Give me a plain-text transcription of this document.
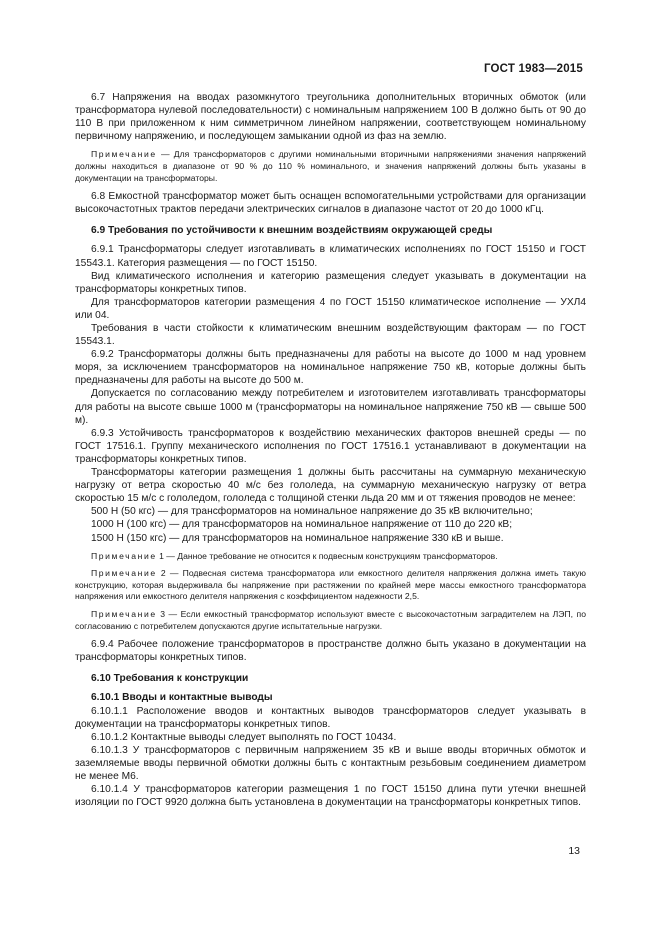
ГОСТ 1983—2015

6.7 Напряжения на вводах разомкнутого треугольника дополнительных вторичных обмоток (или трансформатора нулевой последовательности) с номинальным напряжением 100 В должно быть от 90 до 110 В при приложенном к ним симметричном линейном напряжении, соответствующем номинальному первичному напряжению, и последующем замыкании одной из фаз на землю.

Примечание — Для трансформаторов с другими номинальными вторичными напряжениями значения напряжений должны находиться в диапазоне от 90 % до 110 % номинального, и значения напряжений должны быть указаны в документации на трансформаторы.

6.8 Емкостной трансформатор может быть оснащен вспомогательными устройствами для организации высокочастотных трактов передачи электрических сигналов в диапазоне частот от 20 до 1000 кГц.

6.9 Требования по устойчивости к внешним воздействиям окружающей среды

6.9.1 Трансформаторы следует изготавливать в климатических исполнениях по ГОСТ 15150 и ГОСТ 15543.1. Категория размещения — по ГОСТ 15150.

Вид климатического исполнения и категорию размещения следует указывать в документации на трансформаторы конкретных типов.

Для трансформаторов категории размещения 4 по ГОСТ 15150 климатическое исполнение — УХЛ4 или 04.

Требования в части стойкости к климатическим внешним воздействующим факторам — по ГОСТ 15543.1.

6.9.2 Трансформаторы должны быть предназначены для работы на высоте до 1000 м над уровнем моря, за исключением трансформаторов на номинальное напряжение 750 кВ, которые должны быть предназначены для работы на высоте до 500 м.

Допускается по согласованию между потребителем и изготовителем изготавливать трансформаторы для работы на высоте свыше 1000 м (трансформаторы на номинальное напряжение 750 кВ — свыше 500 м).

6.9.3 Устойчивость трансформаторов к воздействию механических факторов внешней среды — по ГОСТ 17516.1. Группу механического исполнения по ГОСТ 17516.1 устанавливают в документации на трансформаторы конкретных типов.

Трансформаторы категории размещения 1 должны быть рассчитаны на суммарную механическую нагрузку от ветра скоростью 40 м/с без гололеда, на суммарную механическую нагрузку от ветра скоростью 15 м/с с гололедом, гололеда с толщиной стенки льда 20 мм и от тяжения проводов не менее:

500 Н (50 кгс) — для трансформаторов на номинальное напряжение до 35 кВ включительно;

1000 Н (100 кгс) — для трансформаторов на номинальное напряжение от 110 до 220 кВ;

1500 Н (150 кгс) — для трансформаторов на номинальное напряжение 330 кВ и выше.

Примечание 1 — Данное требование не относится к подвесным конструкциям трансформаторов.

Примечание 2 — Подвесная система трансформатора или емкостного делителя напряжения должна иметь такую конструкцию, которая выдерживала бы напряжение при растяжении по крайней мере массы емкостного трансформатора напряжения или емкостного делителя напряжения с коэффициентом надежности 2,5.

Примечание 3 — Если емкостный трансформатор используют вместе с высокочастотным заградителем на ЛЭП, по согласованию с потребителем допускаются другие испытательные нагрузки.

6.9.4 Рабочее положение трансформаторов в пространстве должно быть указано в документации на трансформаторы конкретных типов.

6.10 Требования к конструкции

6.10.1 Вводы и контактные выводы

6.10.1.1 Расположение вводов и контактных выводов трансформаторов следует указывать в документации на трансформаторы конкретных типов.

6.10.1.2 Контактные выводы следует выполнять по ГОСТ 10434.

6.10.1.3 У трансформаторов с первичным напряжением 35 кВ и выше вводы вторичных обмоток и заземляемые вводы первичной обмотки должны быть с контактным резьбовым соединением диаметром не менее М6.

6.10.1.4 У трансформаторов категории размещения 1 по ГОСТ 15150 длина пути утечки внешней изоляции по ГОСТ 9920 должна быть установлена в документации на трансформаторы конкретных типов.

13
